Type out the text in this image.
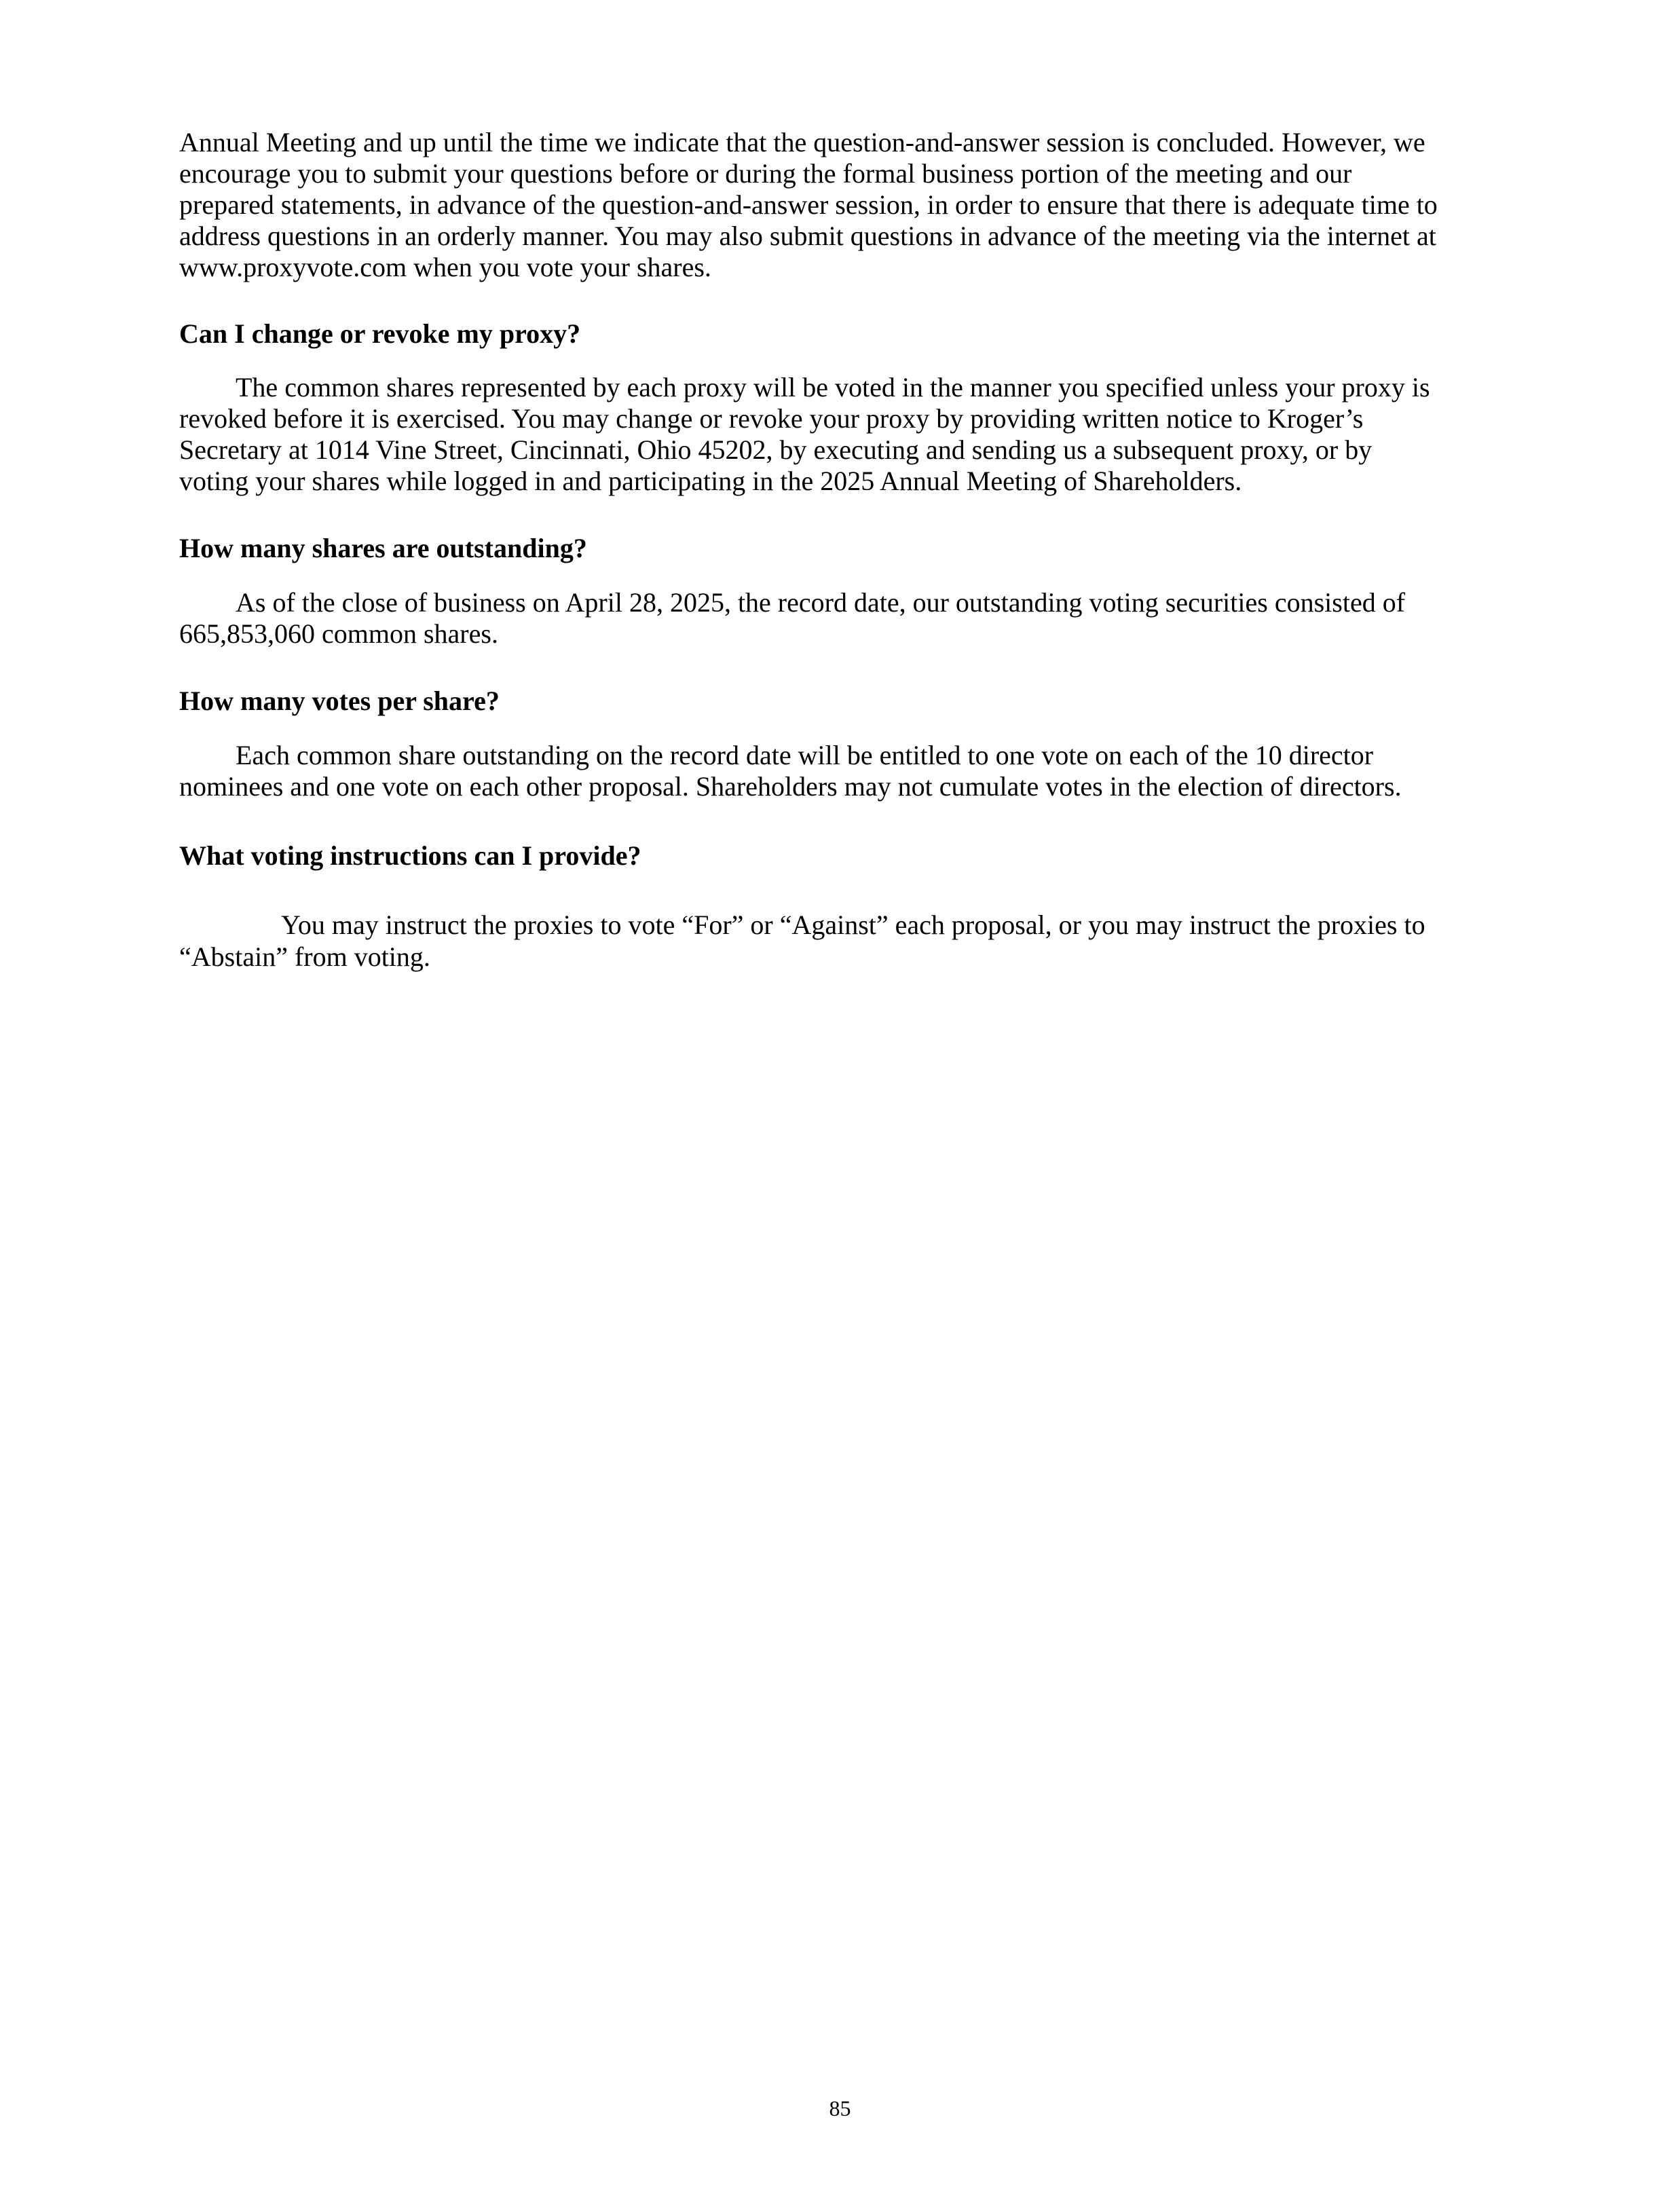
Annual Meeting and up until the time we indicate that the question-and-answer session is concluded. However, we
encourage you to submit your questions before or during the formal business portion of the meeting and our
prepared statements, in advance of the question-and-answer session, in order to ensure that there is adequate time to
address questions in an orderly manner. You may also submit questions in advance of the meeting via the internet at
www.proxyvote.com when you vote your shares.
Can I change or revoke my proxy?
The common shares represented by each proxy will be voted in the manner you specified unless your proxy is
revoked before it is exercised. You may change or revoke your proxy by providing written notice to Kroger’s
Secretary at 1014 Vine Street, Cincinnati, Ohio 45202, by executing and sending us a subsequent proxy, or by
voting your shares while logged in and participating in the 2025 Annual Meeting of Shareholders.
How many shares are outstanding?
As of the close of business on April 28, 2025, the record date, our outstanding voting securities consisted of
665,853,060 common shares.
How many votes per share?
Each common share outstanding on the record date will be entitled to one vote on each of the 10 director
nominees and one vote on each other proposal. Shareholders may not cumulate votes in the election of directors.
What voting instructions can I provide?
You may instruct the proxies to vote “For” or “Against” each proposal, or you may instruct the proxies to
“Abstain” from voting.
85
